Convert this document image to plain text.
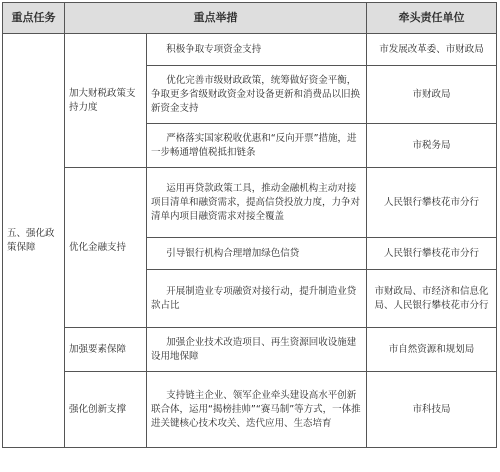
重点任务	重点举措		牵头责任单位
五、强化政策保障	加大财税政策支持力度	积极争取专项资金支持	市发展改革委、市财政局
		优化完善市级财政政策，统筹做好资金平衡，争取更多省级财政资金对设备更新和消费品以旧换新资金支持	市财政局
		严格落实国家税收优惠和“反向开票”措施，进一步畅通增值税抵扣链条	市税务局
	优化金融支持	运用再贷款政策工具，推动金融机构主动对接项目清单和融资需求，提高信贷投放力度，力争对清单内项目融资需求对接全覆盖	人民银行攀枝花市分行
		引导银行机构合理增加绿色信贷	人民银行攀枝花市分行
		开展制造业专项融资对接行动，提升制造业贷款占比	市财政局、市经济和信息化局、人民银行攀枝花市分行
	加强要素保障	加强企业技术改造项目、再生资源回收设施建设用地保障	市自然资源和规划局
	强化创新支撑	支持链主企业、领军企业牵头建设高水平创新联合体，运用“揭榜挂帅”“赛马制”等方式，一体推进关键核心技术攻关、迭代应用、生态培育	市科技局
